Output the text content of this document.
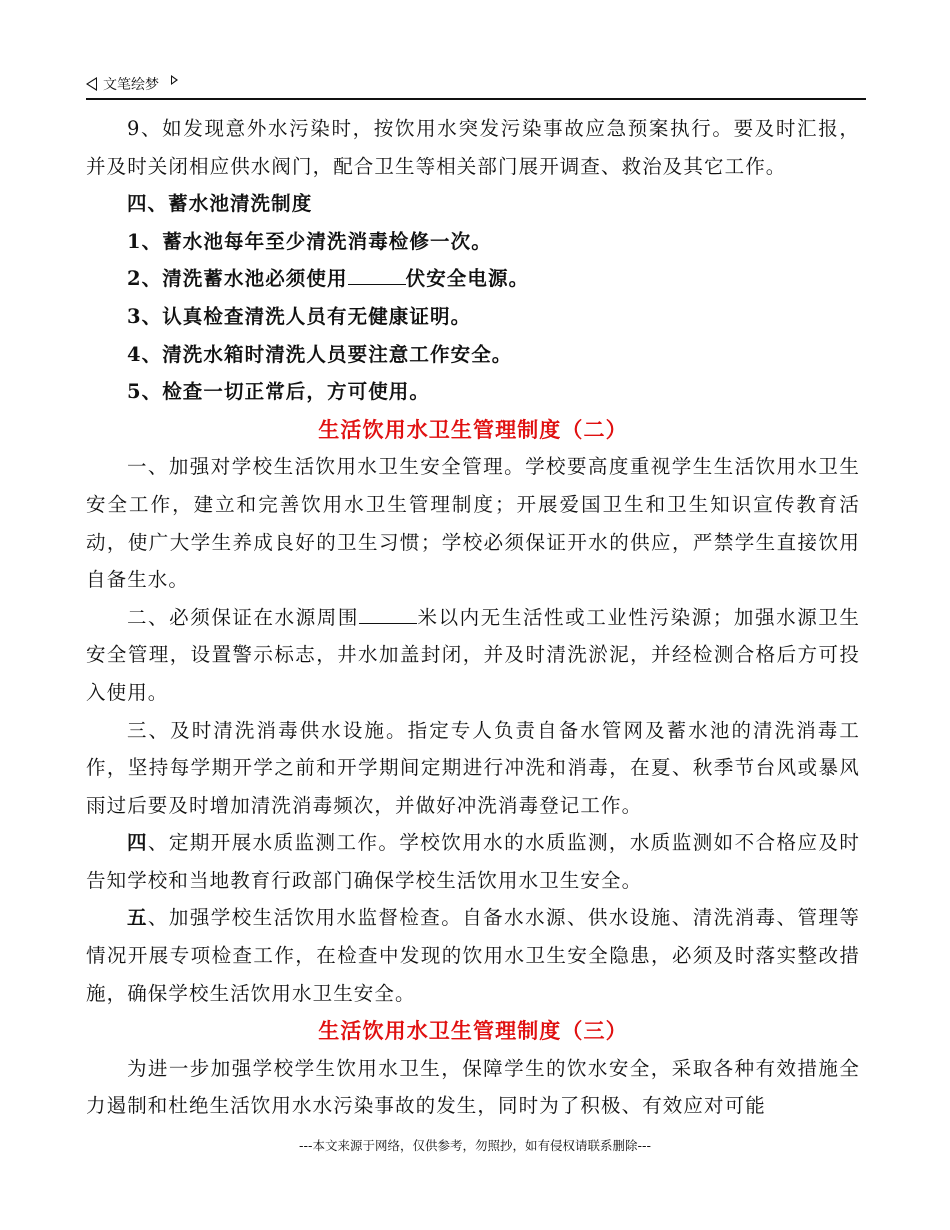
文笔绘梦

9、如发现意外水污染时，按饮用水突发污染事故应急预案执行。要及时汇报，并及时关闭相应供水阀门，配合卫生等相关部门展开调查、救治及其它工作。

四、蓄水池清洗制度

1、蓄水池每年至少清洗消毒检修一次。

2、清洗蓄水池必须使用	伏安全电源。

3、认真检查清洗人员有无健康证明。

4、清洗水箱时清洗人员要注意工作安全。

5、检查一切正常后，方可使用。

生活饮用水卫生管理制度（二）

一、加强对学校生活饮用水卫生安全管理。学校要高度重视学生生活饮用水卫生安全工作，建立和完善饮用水卫生管理制度；开展爱国卫生和卫生知识宣传教育活动，使广大学生养成良好的卫生习惯；学校必须保证开水的供应，严禁学生直接饮用自备生水。

二、必须保证在水源周围	米以内无生活性或工业性污染源；加强水源卫生安全管理，设置警示标志，井水加盖封闭，并及时清洗淤泥，并经检测合格后方可投入使用。

三、及时清洗消毒供水设施。指定专人负责自备水管网及蓄水池的清洗消毒工作，坚持每学期开学之前和开学期间定期进行冲洗和消毒，在夏、秋季节台风或暴风雨过后要及时增加清洗消毒频次，并做好冲洗消毒登记工作。

四、定期开展水质监测工作。学校饮用水的水质监测，水质监测如不合格应及时告知学校和当地教育行政部门确保学校生活饮用水卫生安全。

五、加强学校生活饮用水监督检查。自备水水源、供水设施、清洗消毒、管理等情况开展专项检查工作，在检查中发现的饮用水卫生安全隐患，必须及时落实整改措施，确保学校生活饮用水卫生安全。

生活饮用水卫生管理制度（三）

为进一步加强学校学生饮用水卫生，保障学生的饮水安全，采取各种有效措施全力遏制和杜绝生活饮用水水污染事故的发生，同时为了积极、有效应对可能

---本文来源于网络，仅供参考，勿照抄，如有侵权请联系删除---
